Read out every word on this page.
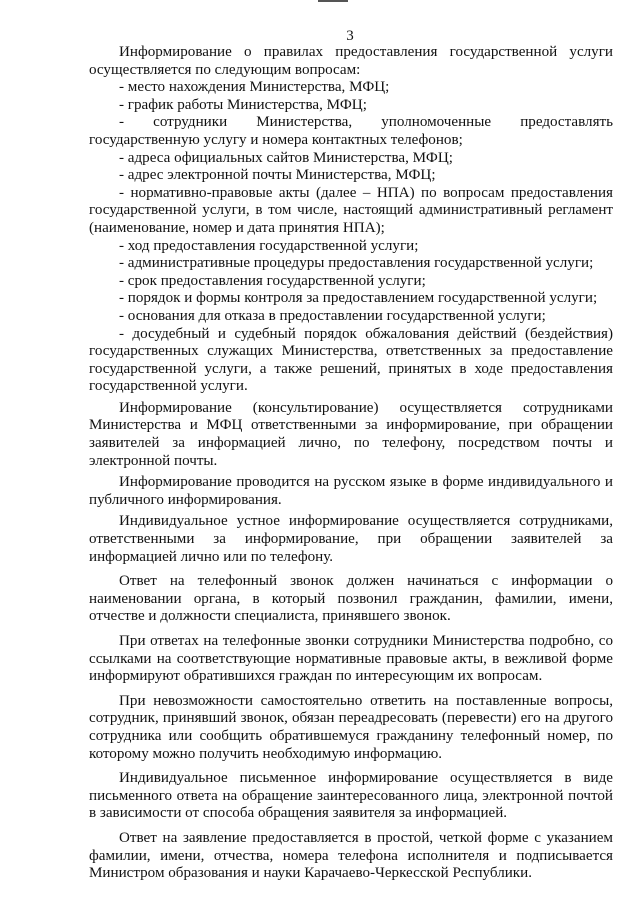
3

Информирование о правилах предоставления государственной услуги осуществляется по следующим вопросам:

- место нахождения Министерства, МФЦ;

- график работы Министерства, МФЦ;

- сотрудники Министерства, уполномоченные предоставлять государственную услугу и номера контактных телефонов;

- адреса официальных сайтов Министерства, МФЦ;

- адрес электронной почты Министерства, МФЦ;

- нормативно-правовые акты (далее – НПА) по вопросам предоставления государственной услуги, в том числе, настоящий административный регламент (наименование, номер и дата принятия НПА);

- ход предоставления государственной услуги;

- административные процедуры предоставления государственной услуги;

- срок предоставления государственной услуги;

- порядок и формы контроля за предоставлением государственной услуги;

- основания для отказа в предоставлении государственной услуги;

- досудебный и судебный порядок обжалования действий (бездействия) государственных служащих Министерства, ответственных за предоставление государственной услуги, а также решений, принятых в ходе предоставления государственной услуги.

Информирование (консультирование) осуществляется сотрудниками Министерства и МФЦ ответственными за информирование, при обращении заявителей за информацией лично, по телефону, посредством почты и электронной почты.

Информирование проводится на русском языке в форме индивидуального и публичного информирования.

Индивидуальное устное информирование осуществляется сотрудниками, ответственными за информирование, при обращении заявителей за информацией лично или по телефону.

Ответ на телефонный звонок должен начинаться с информации о наименовании органа, в который позвонил гражданин, фамилии, имени, отчестве и должности специалиста, принявшего звонок.

При ответах на телефонные звонки сотрудники Министерства подробно, со ссылками на соответствующие нормативные правовые акты, в вежливой форме информируют обратившихся граждан по интересующим их вопросам.

При невозможности самостоятельно ответить на поставленные вопросы, сотрудник, принявший звонок, обязан переадресовать (перевести) его на другого сотрудника или сообщить обратившемуся гражданину телефонный номер, по которому можно получить необходимую информацию.

Индивидуальное письменное информирование осуществляется в виде письменного ответа на обращение заинтересованного лица, электронной почтой в зависимости от способа обращения заявителя за информацией.

Ответ на заявление предоставляется в простой, четкой форме с указанием фамилии, имени, отчества, номера телефона исполнителя и подписывается Министром образования и науки Карачаево-Черкесской Республики.
